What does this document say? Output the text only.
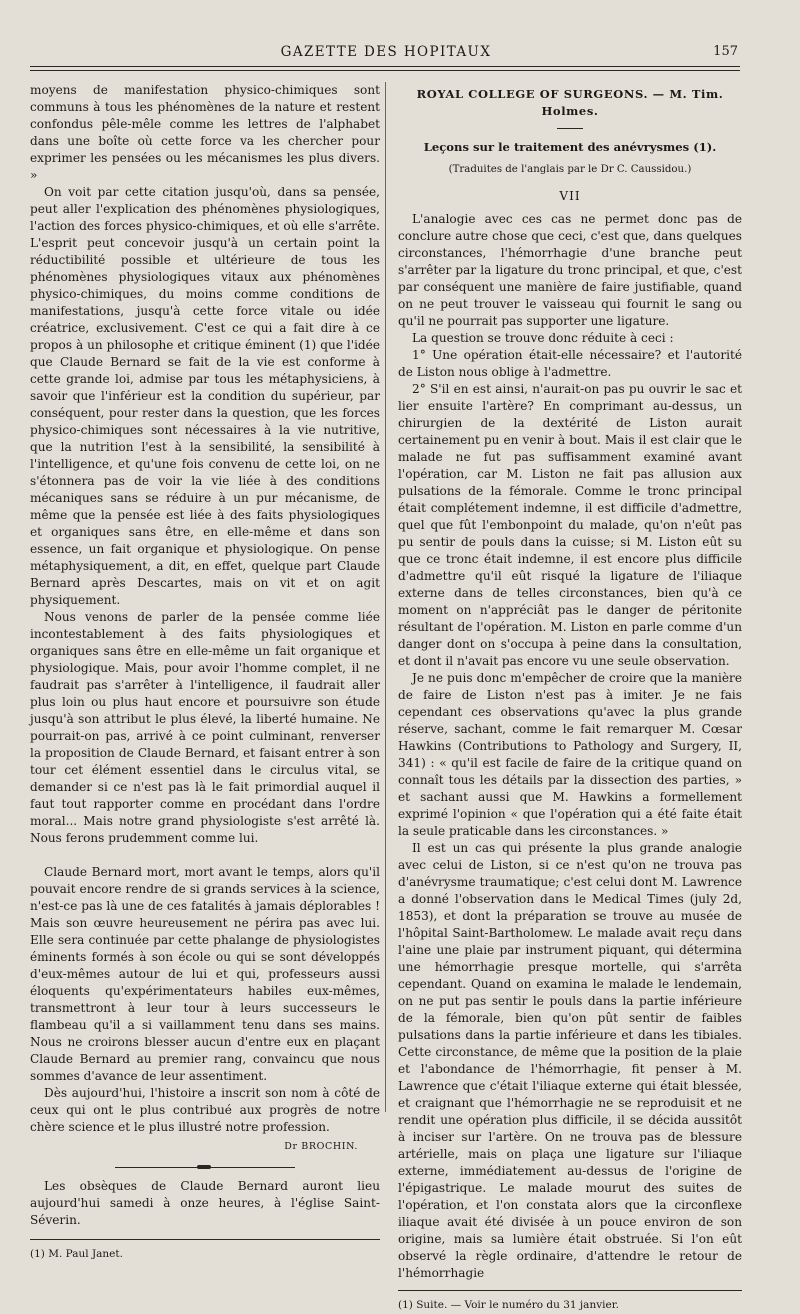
GAZETTE DES HOPITAUX	157

moyens de manifestation physico-chimiques sont communs à tous les phénomènes de la nature et restent confondus pêle-mêle comme les lettres de l'alphabet dans une boîte où cette force va les chercher pour exprimer les pensées ou les mécanismes les plus divers. »

On voit par cette citation jusqu'où, dans sa pensée, peut aller l'explication des phénomènes physiologiques, l'action des forces physico-chimiques, et où elle s'arrête. L'esprit peut concevoir jusqu'à un certain point la réductibilité possible et ultérieure de tous les phénomènes physiologiques vitaux aux phénomènes physico-chimiques, du moins comme conditions de manifestations, jusqu'à cette force vitale ou idée créatrice, exclusivement. C'est ce qui a fait dire à ce propos à un philosophe et critique éminent (1) que l'idée que Claude Bernard se fait de la vie est conforme à cette grande loi, admise par tous les métaphysiciens, à savoir que l'inférieur est la condition du supérieur, par conséquent, pour rester dans la question, que les forces physico-chimiques sont nécessaires à la vie nutritive, que la nutrition l'est à la sensibilité, la sensibilité à l'intelligence, et qu'une fois convenu de cette loi, on ne s'étonnera pas de voir la vie liée à des conditions mécaniques sans se réduire à un pur mécanisme, de même que la pensée est liée à des faits physiologiques et organiques sans être, en elle-même et dans son essence, un fait organique et physiologique. On pense métaphysiquement, a dit, en effet, quelque part Claude Bernard après Descartes, mais on vit et on agit physiquement.

Nous venons de parler de la pensée comme liée incontestablement à des faits physiologiques et organiques sans être en elle-même un fait organique et physiologique. Mais, pour avoir l'homme complet, il ne faudrait pas s'arrêter à l'intelligence, il faudrait aller plus loin ou plus haut encore et poursuivre son étude jusqu'à son attribut le plus élevé, la liberté humaine. Ne pourrait-on pas, arrivé à ce point culminant, renverser la proposition de Claude Bernard, et faisant entrer à son tour cet élément essentiel dans le circulus vital, se demander si ce n'est pas là le fait primordial auquel il faut tout rapporter comme en procédant dans l'ordre moral... Mais notre grand physiologiste s'est arrêté là. Nous ferons prudemment comme lui.

Claude Bernard mort, mort avant le temps, alors qu'il pouvait encore rendre de si grands services à la science, n'est-ce pas là une de ces fatalités à jamais déplorables ! Mais son œuvre heureusement ne périra pas avec lui. Elle sera continuée par cette phalange de physiologistes éminents formés à son école ou qui se sont développés d'eux-mêmes autour de lui et qui, professeurs aussi éloquents qu'expérimentateurs habiles eux-mêmes, transmettront à leur tour à leurs successeurs le flambeau qu'il a si vaillamment tenu dans ses mains. Nous ne croirons blesser aucun d'entre eux en plaçant Claude Bernard au premier rang, convaincu que nous sommes d'avance de leur assentiment.

Dès aujourd'hui, l'histoire a inscrit son nom à côté de ceux qui ont le plus contribué aux progrès de notre chère science et le plus illustré notre profession.

Dr BROCHIN.

Les obsèques de Claude Bernard auront lieu aujourd'hui samedi à onze heures, à l'église Saint-Séverin.

(1) M. Paul Janet.

ROYAL COLLEGE OF SURGEONS. — M. Tim. Holmes.
Leçons sur le traitement des anévrysmes (1).
(Traduites de l'anglais par le Dr C. Caussidou.)
VII

L'analogie avec ces cas ne permet donc pas de conclure autre chose que ceci, c'est que, dans quelques circonstances, l'hémorrhagie d'une branche peut s'arrêter par la ligature du tronc principal, et que, c'est par conséquent une manière de faire justifiable, quand on ne peut trouver le vaisseau qui fournit le sang ou qu'il ne pourrait pas supporter une ligature.

La question se trouve donc réduite à ceci :

1° Une opération était-elle nécessaire? et l'autorité de Liston nous oblige à l'admettre.

2° S'il en est ainsi, n'aurait-on pas pu ouvrir le sac et lier ensuite l'artère? En comprimant au-dessus, un chirurgien de la dextérité de Liston aurait certainement pu en venir à bout. Mais il est clair que le malade ne fut pas suffisamment examiné avant l'opération, car M. Liston ne fait pas allusion aux pulsations de la fémorale. Comme le tronc principal était complétement indemne, il est difficile d'admettre, quel que fût l'embonpoint du malade, qu'on n'eût pas pu sentir de pouls dans la cuisse; si M. Liston eût su que ce tronc était indemne, il est encore plus difficile d'admettre qu'il eût risqué la ligature de l'iliaque externe dans de telles circonstances, bien qu'à ce moment on n'appréciât pas le danger de péritonite résultant de l'opération. M. Liston en parle comme d'un danger dont on s'occupa à peine dans la consultation, et dont il n'avait pas encore vu une seule observation.

Je ne puis donc m'empêcher de croire que la manière de faire de Liston n'est pas à imiter. Je ne fais cependant ces observations qu'avec la plus grande réserve, sachant, comme le fait remarquer M. Cœsar Hawkins (Contributions to Pathology and Surgery, II, 341) : « qu'il est facile de faire de la critique quand on connaît tous les détails par la dissection des parties, » et sachant aussi que M. Hawkins a formellement exprimé l'opinion « que l'opération qui a été faite était la seule praticable dans les circonstances. »

Il est un cas qui présente la plus grande analogie avec celui de Liston, si ce n'est qu'on ne trouva pas d'anévrysme traumatique; c'est celui dont M. Lawrence a donné l'observation dans le Medical Times (july 2d, 1853), et dont la préparation se trouve au musée de l'hôpital Saint-Bartholomew. Le malade avait reçu dans l'aine une plaie par instrument piquant, qui détermina une hémorrhagie presque mortelle, qui s'arrêta cependant. Quand on examina le malade le lendemain, on ne put pas sentir le pouls dans la partie inférieure de la fémorale, bien qu'on pût sentir de faibles pulsations dans la partie inférieure et dans les tibiales. Cette circonstance, de même que la position de la plaie et l'abondance de l'hémorrhagie, fit penser à M. Lawrence que c'était l'iliaque externe qui était blessée, et craignant que l'hémorrhagie ne se reproduisit et ne rendit une opération plus difficile, il se décida aussitôt à inciser sur l'artère. On ne trouva pas de blessure artérielle, mais on plaça une ligature sur l'iliaque externe, immédiatement au-dessus de l'origine de l'épigastrique. Le malade mourut des suites de l'opération, et l'on constata alors que la circonflexe iliaque avait été divisée à un pouce environ de son origine, mais sa lumière était obstruée. Si l'on eût observé la règle ordinaire, d'attendre le retour de l'hémorrhagie

(1) Suite. — Voir le numéro du 31 janvier.
